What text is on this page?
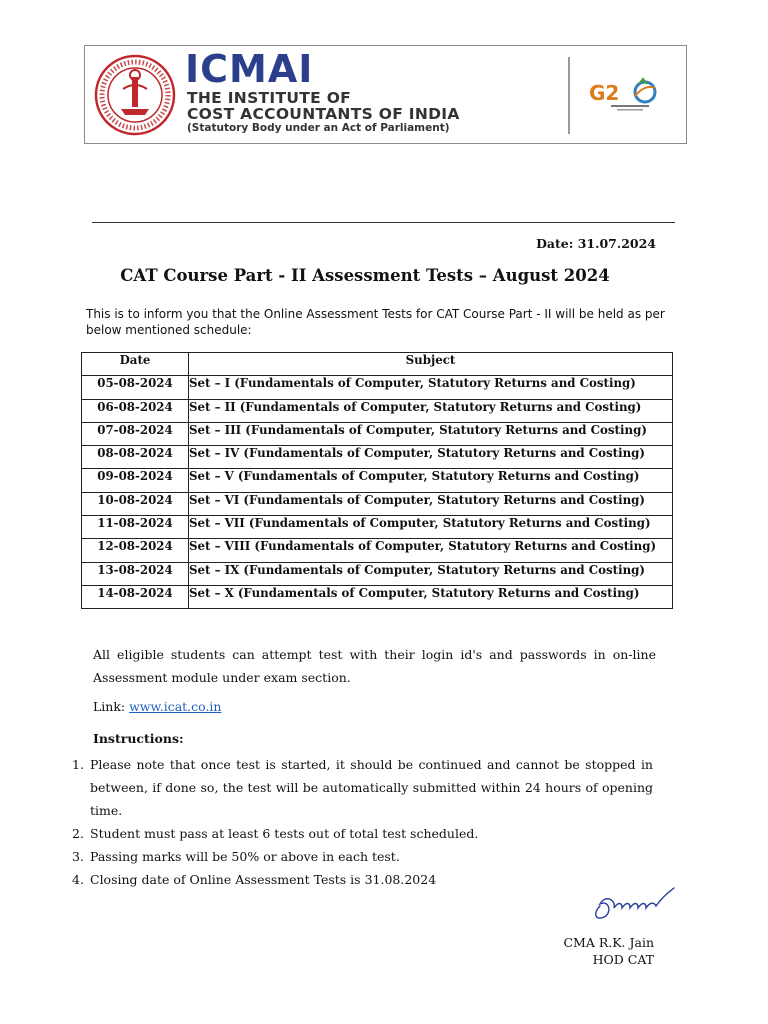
ICMAI
THE INSTITUTE OF
COST ACCOUNTANTS OF INDIA
(Statutory Body under an Act of Parliament)
G2
Date: 31.07.2024
CAT Course Part - II Assessment Tests – August 2024
This is to inform you that the Online Assessment Tests for CAT Course Part - II will be held as per below mentioned schedule:
Date	Subject
05-08-2024	Set – I (Fundamentals of Computer, Statutory Returns and Costing)
06-08-2024	Set – II (Fundamentals of Computer, Statutory Returns and Costing)
07-08-2024	Set – III (Fundamentals of Computer, Statutory Returns and Costing)
08-08-2024	Set – IV (Fundamentals of Computer, Statutory Returns and Costing)
09-08-2024	Set – V (Fundamentals of Computer, Statutory Returns and Costing)
10-08-2024	Set – VI (Fundamentals of Computer, Statutory Returns and Costing)
11-08-2024	Set – VII (Fundamentals of Computer, Statutory Returns and Costing)
12-08-2024	Set – VIII (Fundamentals of Computer, Statutory Returns and Costing)
13-08-2024	Set – IX (Fundamentals of Computer, Statutory Returns and Costing)
14-08-2024	Set – X (Fundamentals of Computer, Statutory Returns and Costing)
All eligible students can attempt test with their login id's and passwords in on-line Assessment module under exam section.
Link: www.icat.co.in
Instructions:
1. Please note that once test is started, it should be continued and cannot be stopped in between, if done so, the test will be automatically submitted within 24 hours of opening time.
2. Student must pass at least 6 tests out of total test scheduled.
3. Passing marks will be 50% or above in each test.
4. Closing date of Online Assessment Tests is 31.08.2024
CMA R.K. Jain
HOD CAT
